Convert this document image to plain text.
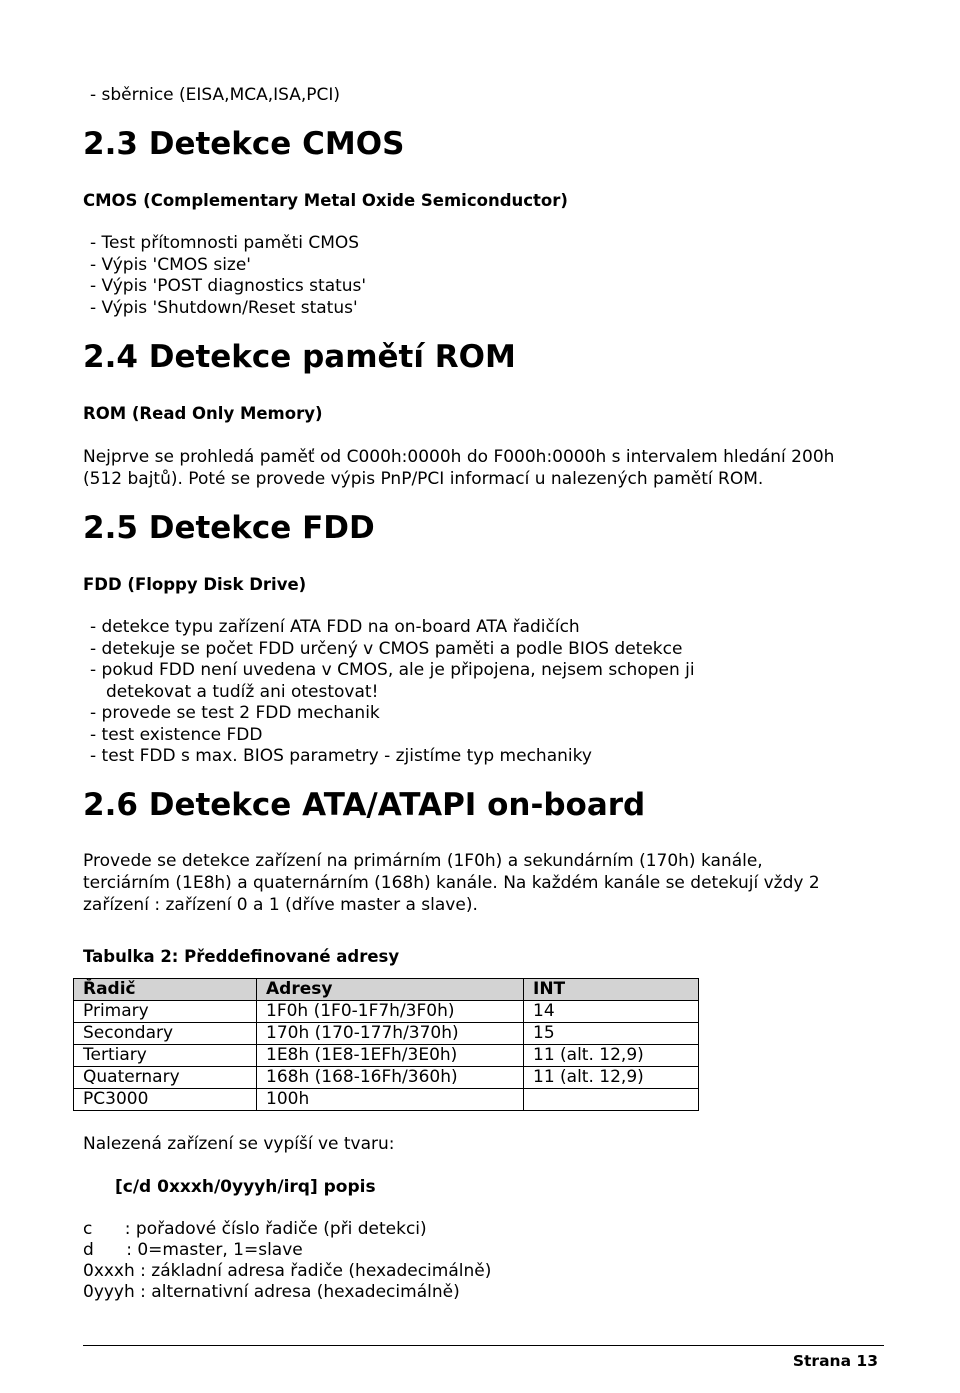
- sběrnice (EISA,MCA,ISA,PCI)
2.3 Detekce CMOS
CMOS (Complementary Metal Oxide Semiconductor)
- Test přítomnosti paměti CMOS
- Výpis 'CMOS size'
- Výpis 'POST diagnostics status'
- Výpis 'Shutdown/Reset status'
2.4 Detekce pamětí ROM
ROM (Read Only Memory)
Nejprve se prohledá paměť od C000h:0000h do F000h:0000h s intervalem hledání 200h
(512 bajtů). Poté se provede výpis PnP/PCI informací u nalezených pamětí ROM.
2.5 Detekce FDD
FDD (Floppy Disk Drive)
- detekce typu zařízení ATA FDD na on-board ATA řadičích
- detekuje se počet FDD určený v CMOS paměti a podle BIOS detekce
- pokud FDD není uvedena v CMOS, ale je připojena, nejsem schopen ji
detekovat a tudíž ani otestovat!
- provede se test 2 FDD mechanik
- test existence FDD
- test FDD s max. BIOS parametry - zjistíme typ mechaniky
2.6 Detekce ATA/ATAPI on-board
Provede se detekce zařízení na primárním (1F0h) a sekundárním (170h) kanále,
terciárním (1E8h) a quaternárním (168h) kanále. Na každém kanále se detekují vždy 2
zařízení : zařízení 0 a 1 (dříve master a slave).
Tabulka 2: Předdefinované adresy
Řadič	Adresy	INT
Primary	1F0h (1F0-1F7h/3F0h)	14
Secondary	170h (170-177h/370h)	15
Tertiary	1E8h (1E8-1EFh/3E0h)	11 (alt. 12,9)
Quaternary	168h (168-16Fh/360h)	11 (alt. 12,9)
PC3000	100h	
Nalezená zařízení se vypíší ve tvaru:
[c/d 0xxxh/0yyyh/irq] popis
c      : pořadové číslo řadiče (při detekci)
d      : 0=master, 1=slave
0xxxh : základní adresa řadiče (hexadecimálně)
0yyyh : alternativní adresa (hexadecimálně)
Strana 13
